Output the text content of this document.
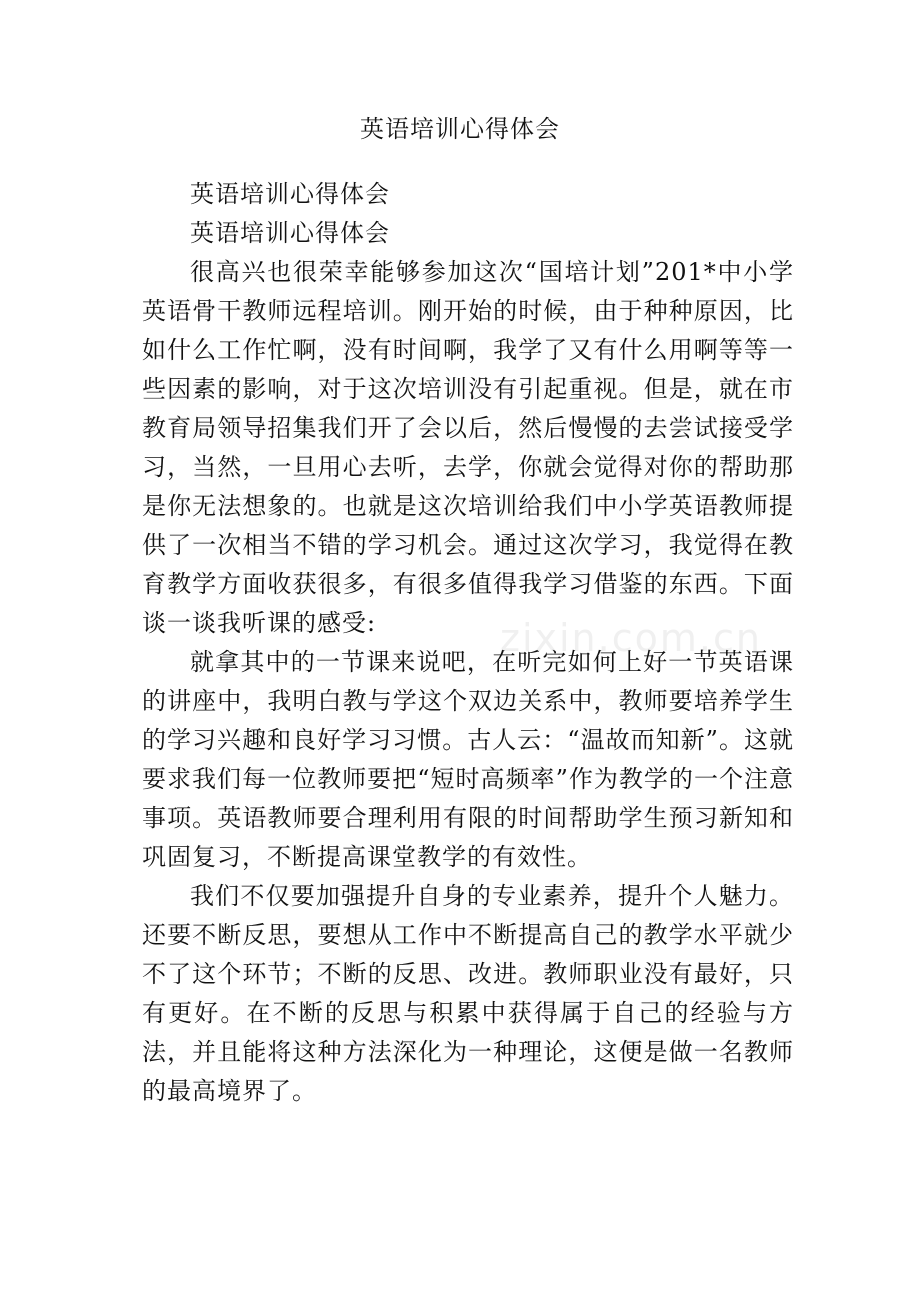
英语培训心得体会

英语培训心得体会

英语培训心得体会

很高兴也很荣幸能够参加这次“国培计划”201*中小学英语骨干教师远程培训。刚开始的时候，由于种种原因，比如什么工作忙啊，没有时间啊，我学了又有什么用啊等等一些因素的影响，对于这次培训没有引起重视。但是，就在市教育局领导招集我们开了会以后，然后慢慢的去尝试接受学习，当然，一旦用心去听，去学，你就会觉得对你的帮助那是你无法想象的。也就是这次培训给我们中小学英语教师提供了一次相当不错的学习机会。通过这次学习，我觉得在教育教学方面收获很多，有很多值得我学习借鉴的东西。下面谈一谈我听课的感受:

就拿其中的一节课来说吧，在听完如何上好一节英语课的讲座中，我明白教与学这个双边关系中，教师要培养学生的学习兴趣和良好学习习惯。古人云：“温故而知新”。这就要求我们每一位教师要把“短时高频率”作为教学的一个注意事项。英语教师要合理利用有限的时间帮助学生预习新知和巩固复习，不断提高课堂教学的有效性。

我们不仅要加强提升自身的专业素养，提升个人魅力。还要不断反思，要想从工作中不断提高自己的教学水平就少不了这个环节；不断的反思、改进。教师职业没有最好，只有更好。在不断的反思与积累中获得属于自己的经验与方法，并且能将这种方法深化为一种理论，这便是做一名教师的最高境界了。

zixin.com.cn
